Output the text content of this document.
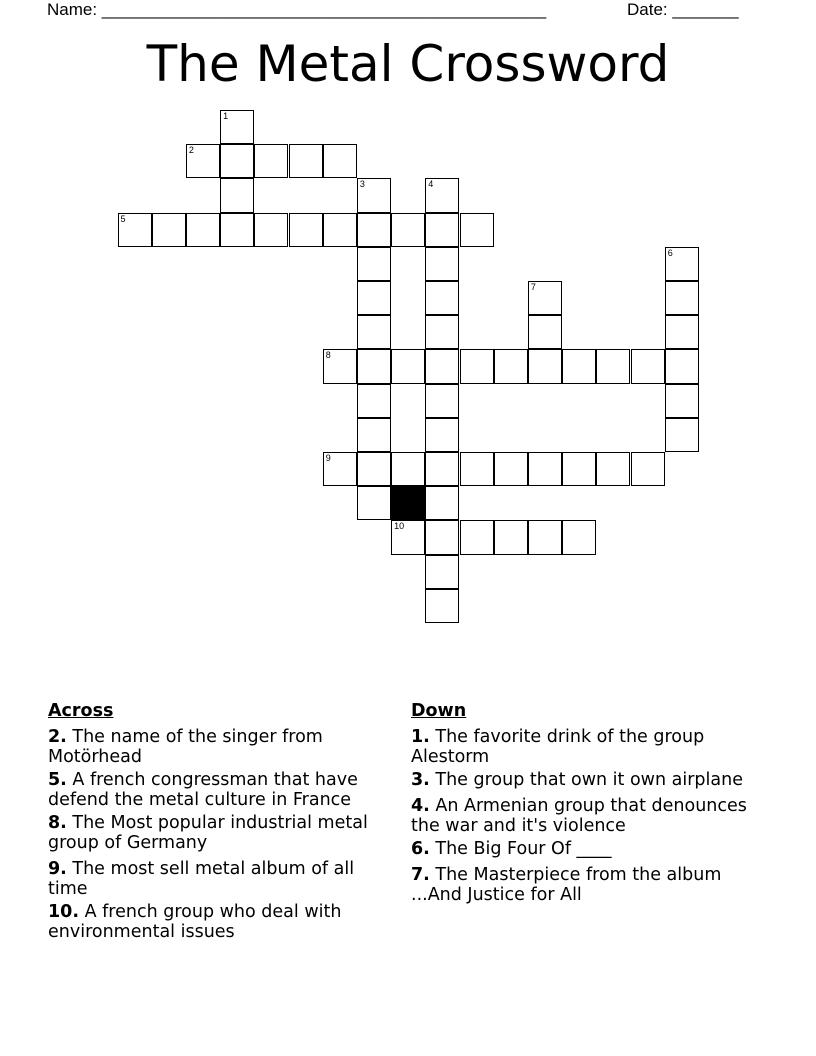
Name: _______________________________________________	Date: _______
The Metal Crossword
1
2
3	4
5
6
7
8
9
10
Across
2. The name of the singer from Motörhead
5. A french congressman that have defend the metal culture in France
8. The Most popular industrial metal group of Germany
9. The most sell metal album of all time
10. A french group who deal with environmental issues
Down
1. The favorite drink of the group Alestorm
3. The group that own it own airplane
4. An Armenian group that denounces the war and it's violence
6. The Big Four Of ____
7. The Masterpiece from the album ...And Justice for All
